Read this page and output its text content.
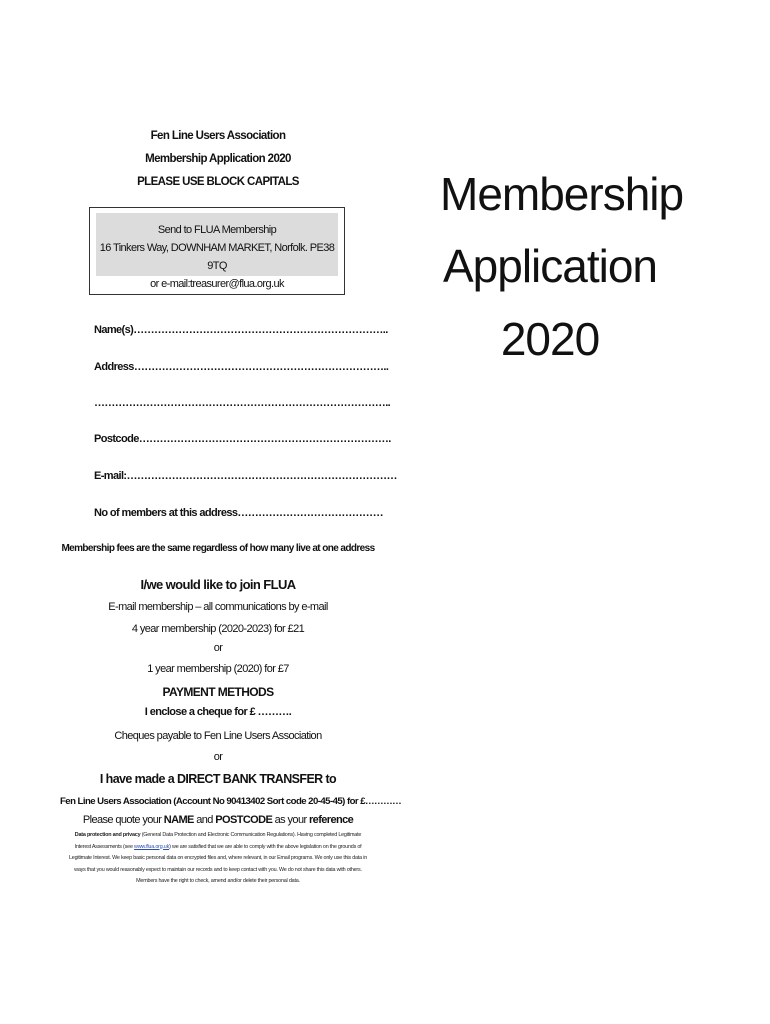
Fen Line Users Association
Membership Application 2020
PLEASE USE BLOCK CAPITALS
Send to FLUA Membership
16 Tinkers Way, DOWNHAM MARKET, Norfolk. PE38 9TQ
or e-mail:treasurer@flua.org.uk
Name(s)………………………………………………………………..
Address………………………………………………………………..
…………………………………………………………………………..
Postcode……………………………………………………………….
E-mail:……………………………………………………………………
No of members at this address……………………………………
Membership fees are the same regardless of how many live at one address
I/we would like to join FLUA
E-mail membership – all communications by e-mail
4 year membership (2020-2023) for £21
or
1 year membership (2020) for £7
PAYMENT METHODS
I enclose a cheque for £ ……….
Cheques payable to Fen Line Users Association
or
I have made a DIRECT BANK TRANSFER to
Fen Line Users Association (Account No 90413402 Sort code 20-45-45) for £…………
Please quote your NAME and POSTCODE as your reference
Data protection and privacy (General Data Protection and Electronic Communication Regulations). Having completed Legitimate Interest Assessments (see www.flua.org.uk) we are satisfied that we are able to comply with the above legislation on the grounds of Legitimate Interest. We keep basic personal data on encrypted files and, where relevant, in our Email programs. We only use this data in ways that you would reasonably expect to maintain our records and to keep contact with you. We do not share this data with others. Members have the right to check, amend and/or delete their personal data.
Membership
Application
2020
